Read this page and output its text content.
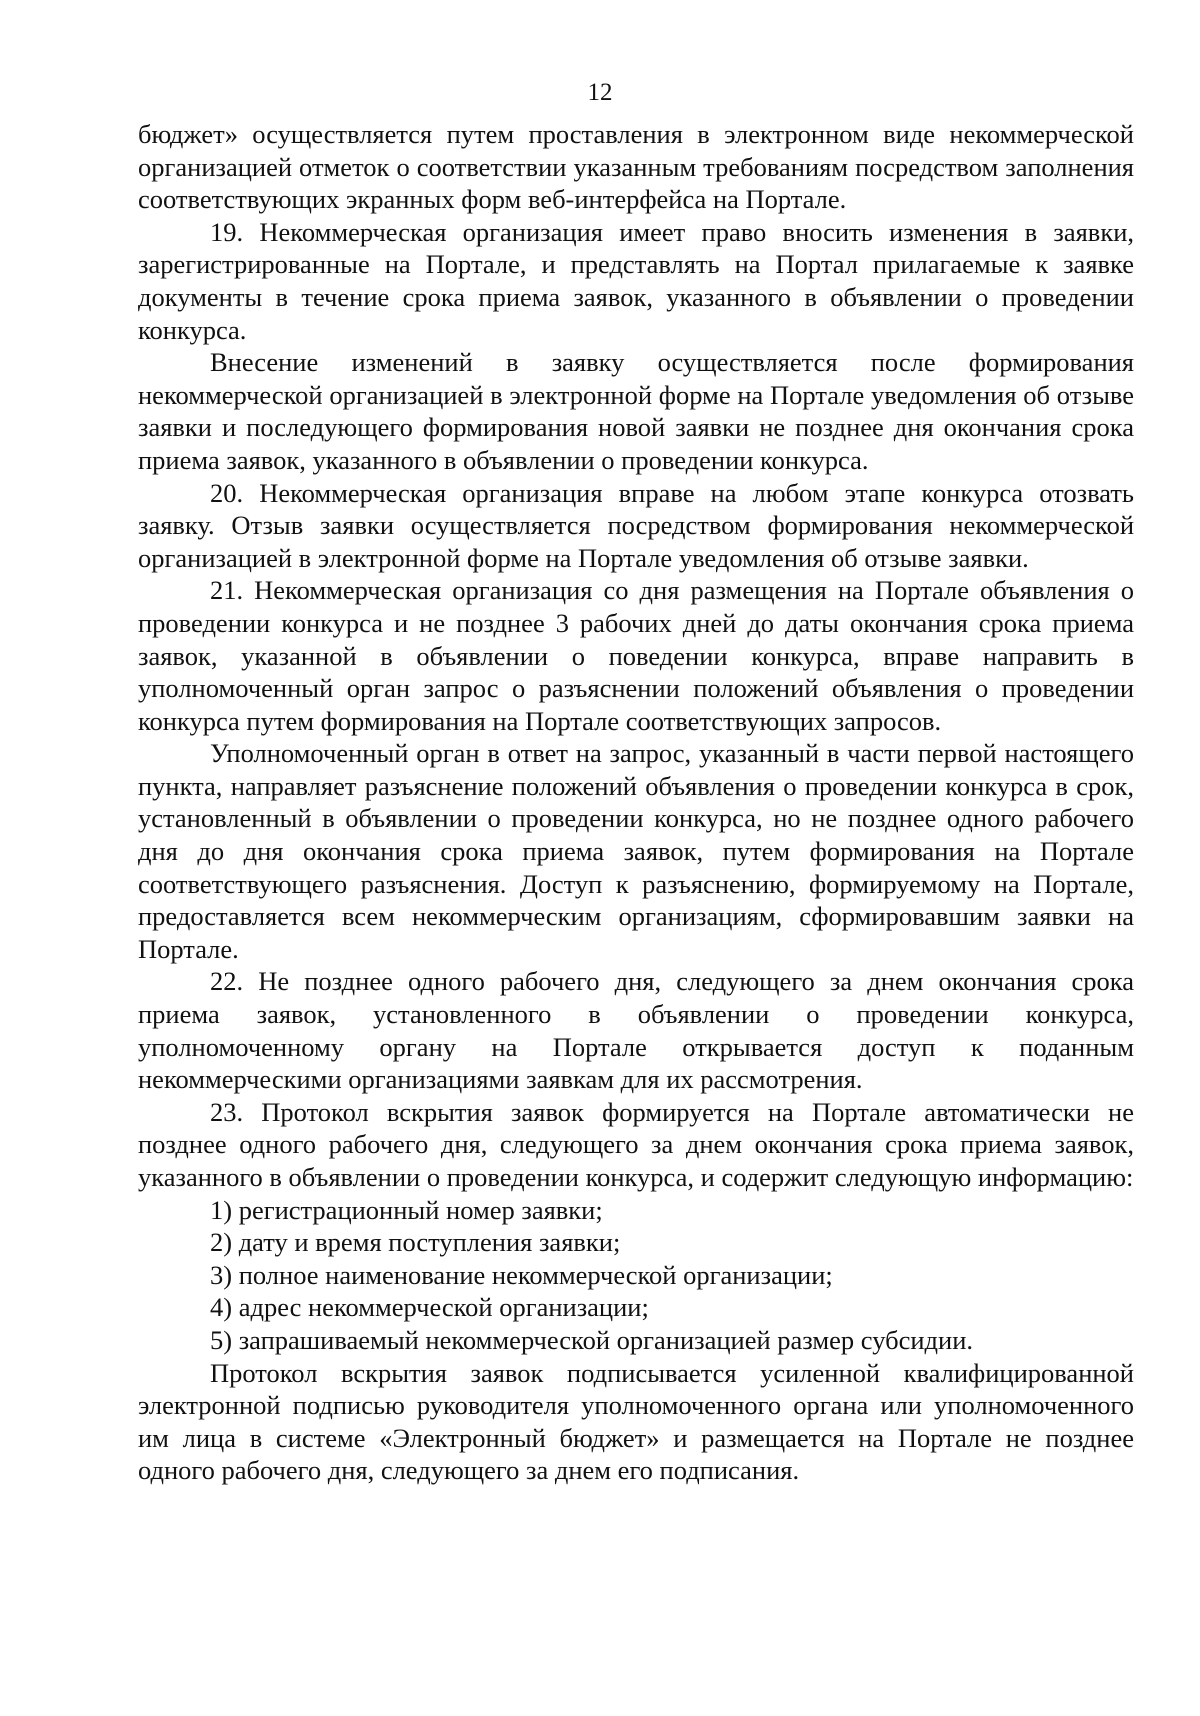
12

бюджет» осуществляется путем проставления в электронном виде некоммерческой организацией отметок о соответствии указанным требованиям посредством заполнения соответствующих экранных форм веб-интерфейса на Портале.

19. Некоммерческая организация имеет право вносить изменения в заявки, зарегистрированные на Портале, и представлять на Портал прилагаемые к заявке документы в течение срока приема заявок, указанного в объявлении о проведении конкурса.

Внесение изменений в заявку осуществляется после формирования некоммерческой организацией в электронной форме на Портале уведомления об отзыве заявки и последующего формирования новой заявки не позднее дня окончания срока приема заявок, указанного в объявлении о проведении конкурса.

20. Некоммерческая организация вправе на любом этапе конкурса отозвать заявку. Отзыв заявки осуществляется посредством формирования некоммерческой организацией в электронной форме на Портале уведомления об отзыве заявки.

21. Некоммерческая организация со дня размещения на Портале объявления о проведении конкурса и не позднее 3 рабочих дней до даты окончания срока приема заявок, указанной в объявлении о поведении конкурса, вправе направить в уполномоченный орган запрос о разъяснении положений объявления о проведении конкурса путем формирования на Портале соответствующих запросов.

Уполномоченный орган в ответ на запрос, указанный в части первой настоящего пункта, направляет разъяснение положений объявления о проведении конкурса в срок, установленный в объявлении о проведении конкурса, но не позднее одного рабочего дня до дня окончания срока приема заявок, путем формирования на Портале соответствующего разъяснения. Доступ к разъяснению, формируемому на Портале, предоставляется всем некоммерческим организациям, сформировавшим заявки на Портале.

22. Не позднее одного рабочего дня, следующего за днем окончания срока приема заявок, установленного в объявлении о проведении конкурса, уполномоченному органу на Портале открывается доступ к поданным некоммерческими организациями заявкам для их рассмотрения.

23. Протокол вскрытия заявок формируется на Портале автоматически не позднее одного рабочего дня, следующего за днем окончания срока приема заявок, указанного в объявлении о проведении конкурса, и содержит следующую информацию:

1) регистрационный номер заявки;

2) дату и время поступления заявки;

3) полное наименование некоммерческой организации;

4) адрес некоммерческой организации;

5) запрашиваемый некоммерческой организацией размер субсидии.

Протокол вскрытия заявок подписывается усиленной квалифицированной электронной подписью руководителя уполномоченного органа или уполномоченного им лица в системе «Электронный бюджет» и размещается на Портале не позднее одного рабочего дня, следующего за днем его подписания.
